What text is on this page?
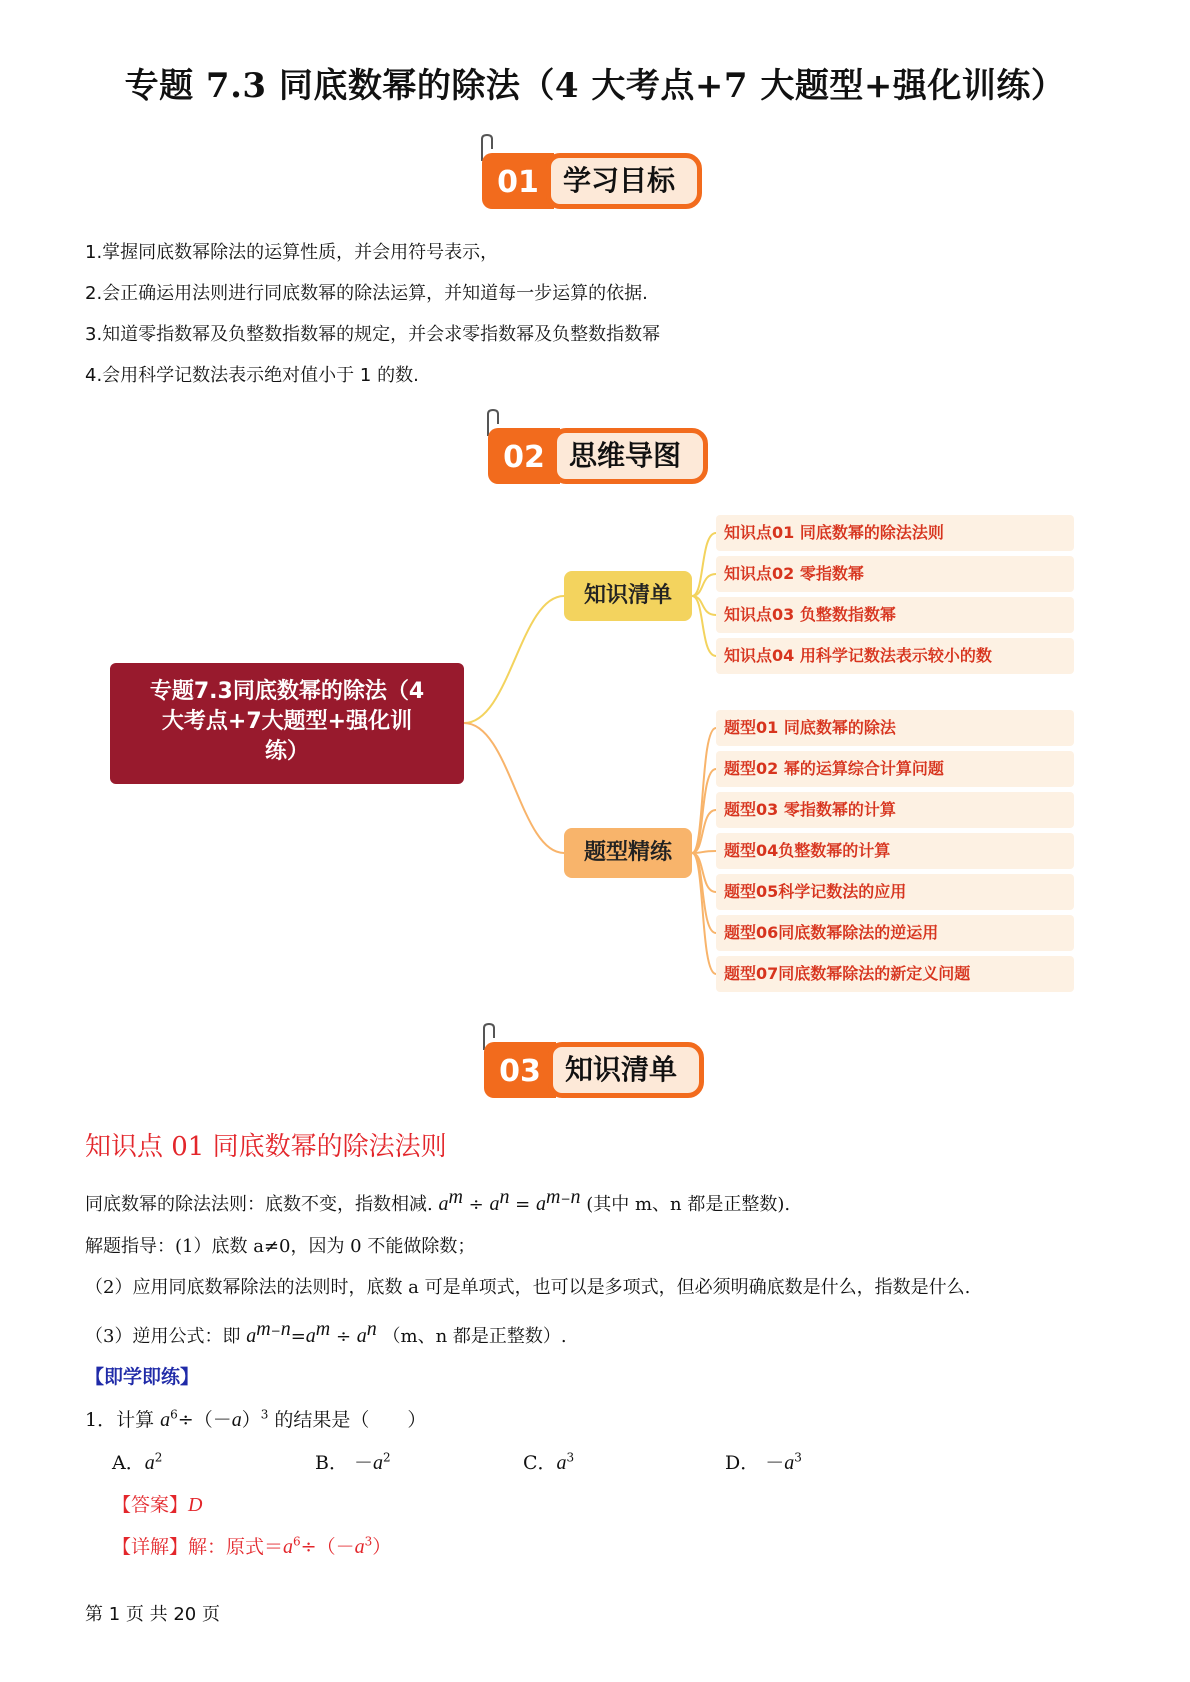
专题 7.3 同底数幂的除法（4 大考点+7 大题型+强化训练）
01 学习目标
1.掌握同底数幂除法的运算性质，并会用符号表示，
2.会正确运用法则进行同底数幂的除法运算，并知道每一步运算的依据.
3.知道零指数幂及负整数指数幂的规定，并会求零指数幂及负整数指数幂
4.会用科学记数法表示绝对值小于 1 的数.
02 思维导图
专题7.3同底数幂的除法（4
大考点+7大题型+强化训
练）
知识清单
题型精练
知识点01 同底数幂的除法法则
知识点02 零指数幂
知识点03 负整数指数幂
知识点04 用科学记数法表示较小的数
题型01 同底数幂的除法
题型02 幂的运算综合计算问题
题型03 零指数幂的计算
题型04负整数幂的计算
题型05科学记数法的应用
题型06同底数幂除法的逆运用
题型07同底数幂除法的新定义问题
03 知识清单
知识点 01 同底数幂的除法法则
同底数幂的除法法则：底数不变，指数相减. $a^m \div a^n = a^{m-n}$ (其中 m、n 都是正整数).
解题指导：(1）底数 a≠0，因为 0 不能做除数；
（2）应用同底数幂除法的法则时，底数 a 可是单项式，也可以是多项式，但必须明确底数是什么，指数是什么.
（3）逆用公式：即 $a^{m-n}=a^m \div a^n$ （m、n 都是正整数）.
【即学即练】
1．计算 $a^6\div(-a)^3$ 的结果是（　　）
A．$a^2$	B． $-a^2$	C．$a^3$	D． $-a^3$
【答案】D
【详解】解：原式$=a^6\div(-a^3)$
第 1 页 共 20 页
